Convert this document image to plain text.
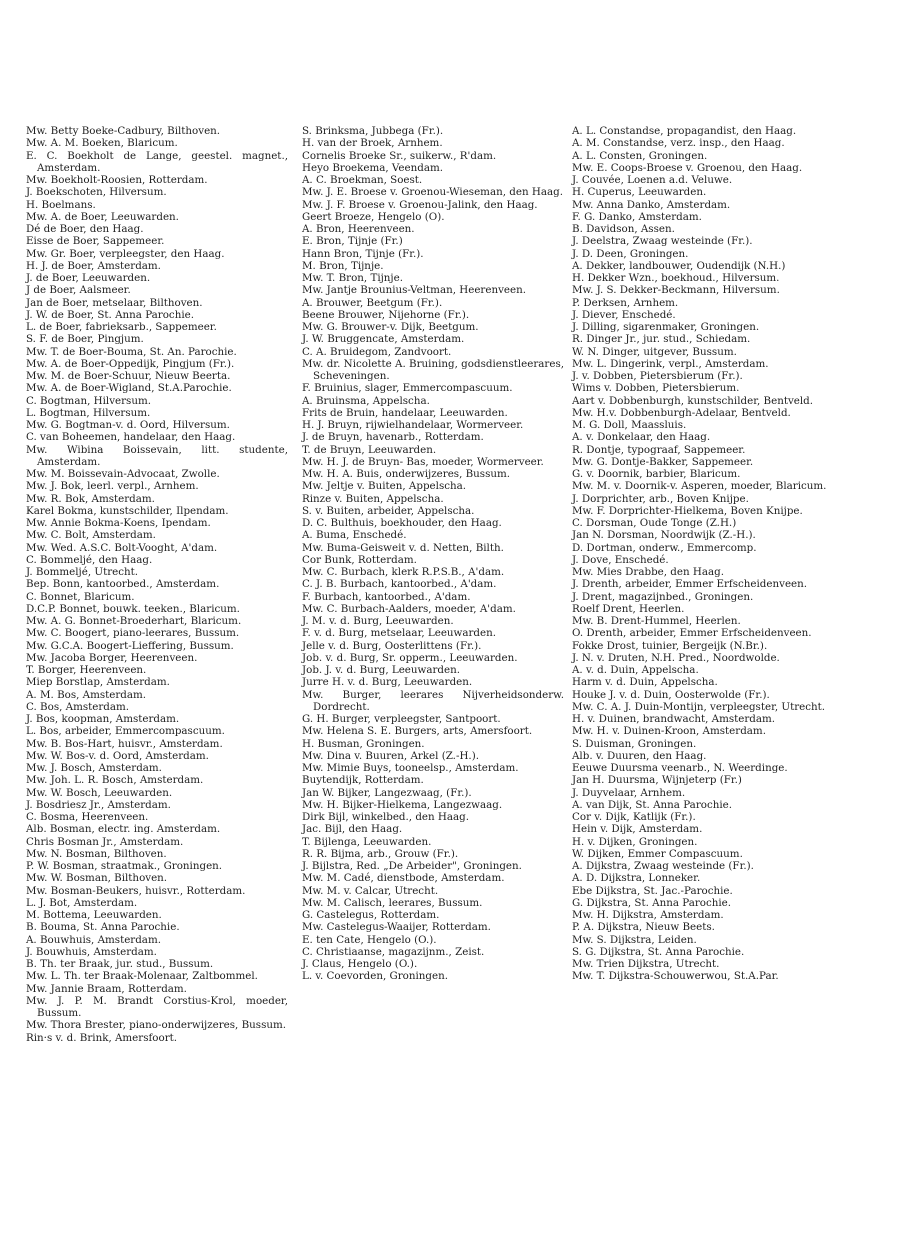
Mw. Betty Boeke-Cadbury, Bilthoven.
Mw. A. M. Boeken, Blaricum.
E. C. Boekholt de Lange, geestel. magnet., Amsterdam.
Mw. Boekholt-Roosien, Rotterdam.
J. Boekschoten, Hilversum.
H. Boelmans.
Mw. A. de Boer, Leeuwarden.
Dé de Boer, den Haag.
Eisse de Boer, Sappemeer.
Mw. Gr. Boer, verpleegster, den Haag.
H. J. de Boer, Amsterdam.
J. de Boer, Leeuwarden.
J de Boer, Aalsmeer.
Jan de Boer, metselaar, Bilthoven.
J. W. de Boer, St. Anna Parochie.
L. de Boer, fabrieksarb., Sappemeer.
S. F. de Boer, Pingjum.
Mw. T. de Boer-Bouma, St. An. Parochie.
Mw. A. de Boer-Oppedijk, Pingjum (Fr.).
Mw. M. de Boer-Schuur, Nieuw Beerta.
Mw. A. de Boer-Wigland, St.A.Parochie.
C. Bogtman, Hilversum.
L. Bogtman, Hilversum.
Mw. G. Bogtman-v. d. Oord, Hilversum.
C. van Boheemen, handelaar, den Haag.
Mw. Wibina Boissevain, litt. studente, Amsterdam.
Mw. M. Boissevain-Advocaat, Zwolle.
Mw. J. Bok, leerl. verpl., Arnhem.
Mw. R. Bok, Amsterdam.
Karel Bokma, kunstschilder, Ilpendam.
Mw. Annie Bokma-Koens, Ipendam.
Mw. C. Bolt, Amsterdam.
Mw. Wed. A.S.C. Bolt-Vooght, A'dam.
C. Bommeljé, den Haag.
J. Bommeljé, Utrecht.
Bep. Bonn, kantoorbed., Amsterdam.
C. Bonnet, Blaricum.
D.C.P. Bonnet, bouwk. teeken., Blaricum.
Mw. A. G. Bonnet-Broederhart, Blaricum.
Mw. C. Boogert, piano-leerares, Bussum.
Mw. G.C.A. Boogert-Lieffering, Bussum.
Mw. Jacoba Borger, Heerenveen.
T. Borger, Heerenveen.
Miep Borstlap, Amsterdam.
A. M. Bos, Amsterdam.
C. Bos, Amsterdam.
J. Bos, koopman, Amsterdam.
L. Bos, arbeider, Emmercompascuum.
Mw. B. Bos-Hart, huisvr., Amsterdam.
Mw. W. Bos-v. d. Oord, Amsterdam.
Mw. J. Bosch, Amsterdam.
Mw. Joh. L. R. Bosch, Amsterdam.
Mw. W. Bosch, Leeuwarden.
J. Bosdriesz Jr., Amsterdam.
C. Bosma, Heerenveen.
Alb. Bosman, electr. ing. Amsterdam.
Chris Bosman Jr., Amsterdam.
Mw. N. Bosman, Bilthoven.
P. W. Bosman, straatmak., Groningen.
Mw. W. Bosman, Bilthoven.
Mw. Bosman-Beukers, huisvr., Rotterdam.
L. J. Bot, Amsterdam.
M. Bottema, Leeuwarden.
B. Bouma, St. Anna Parochie.
A. Bouwhuis, Amsterdam.
J. Bouwhuis, Amsterdam.
B. Th. ter Braak, jur. stud., Bussum.
Mw. L. Th. ter Braak-Molenaar, Zaltbommel.
Mw. Jannie Braam, Rotterdam.
Mw. J. P. M. Brandt Corstius-Krol, moeder, Bussum.
Mw. Thora Brester, piano-onderwijzeres, Bussum.
Rin·s v. d. Brink, Amersfoort.
S. Brinksma, Jubbega (Fr.).
H. van der Broek, Arnhem.
Cornelis Broeke Sr., suikerw., R'dam.
Heyo Broekema, Veendam.
A. C. Broekman, Soest.
Mw. J. E. Broese v. Groenou-Wieseman, den Haag.
Mw. J. F. Broese v. Groenou-Jalink, den Haag.
Geert Broeze, Hengelo (O).
A. Bron, Heerenveen.
E. Bron, Tijnje (Fr.)
Hann Bron, Tijnje (Fr.).
M. Bron, Tijnje.
Mw. T. Bron, Tijnje.
Mw. Jantje Brounius-Veltman, Heerenveen.
A. Brouwer, Beetgum (Fr.).
Beene Brouwer, Nijehorne (Fr.).
Mw. G. Brouwer-v. Dijk, Beetgum.
J. W. Bruggencate, Amsterdam.
C. A. Bruidegom, Zandvoort.
Mw. dr. Nicolette A. Bruining, godsdienstleerares, Scheveningen.
F. Bruinius, slager, Emmercompascuum.
A. Bruinsma, Appelscha.
Frits de Bruin, handelaar, Leeuwarden.
H. J. Bruyn, rijwielhandelaar, Wormerveer.
J. de Bruyn, havenarb., Rotterdam.
T. de Bruyn, Leeuwarden.
Mw. H. J. de Bruyn- Bas, moeder, Wormerveer.
Mw. H. A. Buis, onderwijzeres, Bussum.
Mw. Jeltje v. Buiten, Appelscha.
Rinze v. Buiten, Appelscha.
S. v. Buiten, arbeider, Appelscha.
D. C. Bulthuis, boekhouder, den Haag.
A. Buma, Enschedé.
Mw. Buma-Geisweit v. d. Netten, Bilth.
Cor Bunk, Rotterdam.
Mw. C. Burbach, klerk R.P.S.B., A'dam.
C. J. B. Burbach, kantoorbed., A'dam.
F. Burbach, kantoorbed., A'dam.
Mw. C. Burbach-Aalders, moeder, A'dam.
J. M. v. d. Burg, Leeuwarden.
F. v. d. Burg, metselaar, Leeuwarden.
Jelle v. d. Burg, Oosterlittens (Fr.).
Job. v. d. Burg, Sr. opperm., Leeuwarden.
Job. J. v. d. Burg, Leeuwarden.
Jurre H. v. d. Burg, Leeuwarden.
Mw. Burger, leerares Nijverheidsonderw. Dordrecht.
G. H. Burger, verpleegster, Santpoort.
Mw. Helena S. E. Burgers, arts, Amersfoort.
H. Busman, Groningen.
Mw. Dina v. Buuren, Arkel (Z.-H.).
Mw. Mimie Buys, tooneelsp., Amsterdam.
Buytendijk, Rotterdam.
Jan W. Bijker, Langezwaag, (Fr.).
Mw. H. Bijker-Hielkema, Langezwaag.
Dirk Bijl, winkelbed., den Haag.
Jac. Bijl, den Haag.
T. Bijlenga, Leeuwarden.
R. R. Bijma, arb., Grouw (Fr.).
J. Bijlstra, Red. „De Arbeider", Groningen.
Mw. M. Cadé, dienstbode, Amsterdam.
Mw. M. v. Calcar, Utrecht.
Mw. M. Calisch, leerares, Bussum.
G. Castelegus, Rotterdam.
Mw. Castelegus-Waaijer, Rotterdam.
E. ten Cate, Hengelo (O.).
C. Christiaanse, magazijnm., Zeist.
J. Claus, Hengelo (O.).
L. v. Coevorden, Groningen.
A. L. Constandse, propagandist, den Haag.
A. M. Constandse, verz. insp., den Haag.
A. L. Consten, Groningen.
Mw. E. Coops-Broese v. Groenou, den Haag.
J. Couvée, Loenen a.d. Veluwe.
H. Cuperus, Leeuwarden.
Mw. Anna Danko, Amsterdam.
F. G. Danko, Amsterdam.
B. Davidson, Assen.
J. Deelstra, Zwaag westeinde (Fr.).
J. D. Deen, Groningen.
A. Dekker, landbouwer, Oudendijk (N.H.)
H. Dekker Wzn., boekhoud., Hilversum.
Mw. J. S. Dekker-Beckmann, Hilversum.
P. Derksen, Arnhem.
J. Diever, Enschedé.
J. Dilling, sigarenmaker, Groningen.
R. Dinger Jr., jur. stud., Schiedam.
W. N. Dinger, uitgever, Bussum.
Mw. L. Dingerink, verpl., Amsterdam.
J. v. Dobben, Pietersbierum (Fr.).
Wims v. Dobben, Pietersbierum.
Aart v. Dobbenburgh, kunstschilder, Bentveld.
Mw. H.v. Dobbenburgh-Adelaar, Bentveld.
M. G. Doll, Maassluis.
A. v. Donkelaar, den Haag.
R. Dontje, typograaf, Sappemeer.
Mw. G. Dontje-Bakker, Sappemeer.
G. v. Doornik, barbier, Blaricum.
Mw. M. v. Doornik-v. Asperen, moeder, Blaricum.
J. Dorprichter, arb., Boven Knijpe.
Mw. F. Dorprichter-Hielkema, Boven Knijpe.
C. Dorsman, Oude Tonge (Z.H.)
Jan N. Dorsman, Noordwijk (Z.-H.).
D. Dortman, onderw., Emmercomp.
J. Dove, Enschedé.
Mw. Mies Drabbe, den Haag.
J. Drenth, arbeider, Emmer Erfscheidenveen.
J. Drent, magazijnbed., Groningen.
Roelf Drent, Heerlen.
Mw. B. Drent-Hummel, Heerlen.
O. Drenth, arbeider, Emmer Erfscheidenveen.
Fokke Drost, tuinier, Bergeijk (N.Br.).
J. N. v. Druten, N.H. Pred., Noordwolde.
A. v. d. Duin, Appelscha.
Harm v. d. Duin, Appelscha.
Houke J. v. d. Duin, Oosterwolde (Fr.).
Mw. C. A. J. Duin-Montijn, verpleegster, Utrecht.
H. v. Duinen, brandwacht, Amsterdam.
Mw. H. v. Duinen-Kroon, Amsterdam.
S. Duisman, Groningen.
Alb. v. Duuren, den Haag.
Eeuwe Duursma veenarb., N. Weerdinge.
Jan H. Duursma, Wijnjeterp (Fr.)
J. Duyvelaar, Arnhem.
A. van Dijk, St. Anna Parochie.
Cor v. Dijk, Katlijk (Fr.).
Hein v. Dijk, Amsterdam.
H. v. Dijken, Groningen.
W. Dijken, Emmer Compascuum.
A. Dijkstra, Zwaag westeinde (Fr.).
A. D. Dijkstra, Lonneker.
Ebe Dijkstra, St. Jac.-Parochie.
G. Dijkstra, St. Anna Parochie.
Mw. H. Dijkstra, Amsterdam.
P. A. Dijkstra, Nieuw Beets.
Mw. S. Dijkstra, Leiden.
S. G. Dijkstra, St. Anna Parochie.
Mw. Trien Dijkstra, Utrecht.
Mw. T. Dijkstra-Schouwerwou, St.A.Par.
